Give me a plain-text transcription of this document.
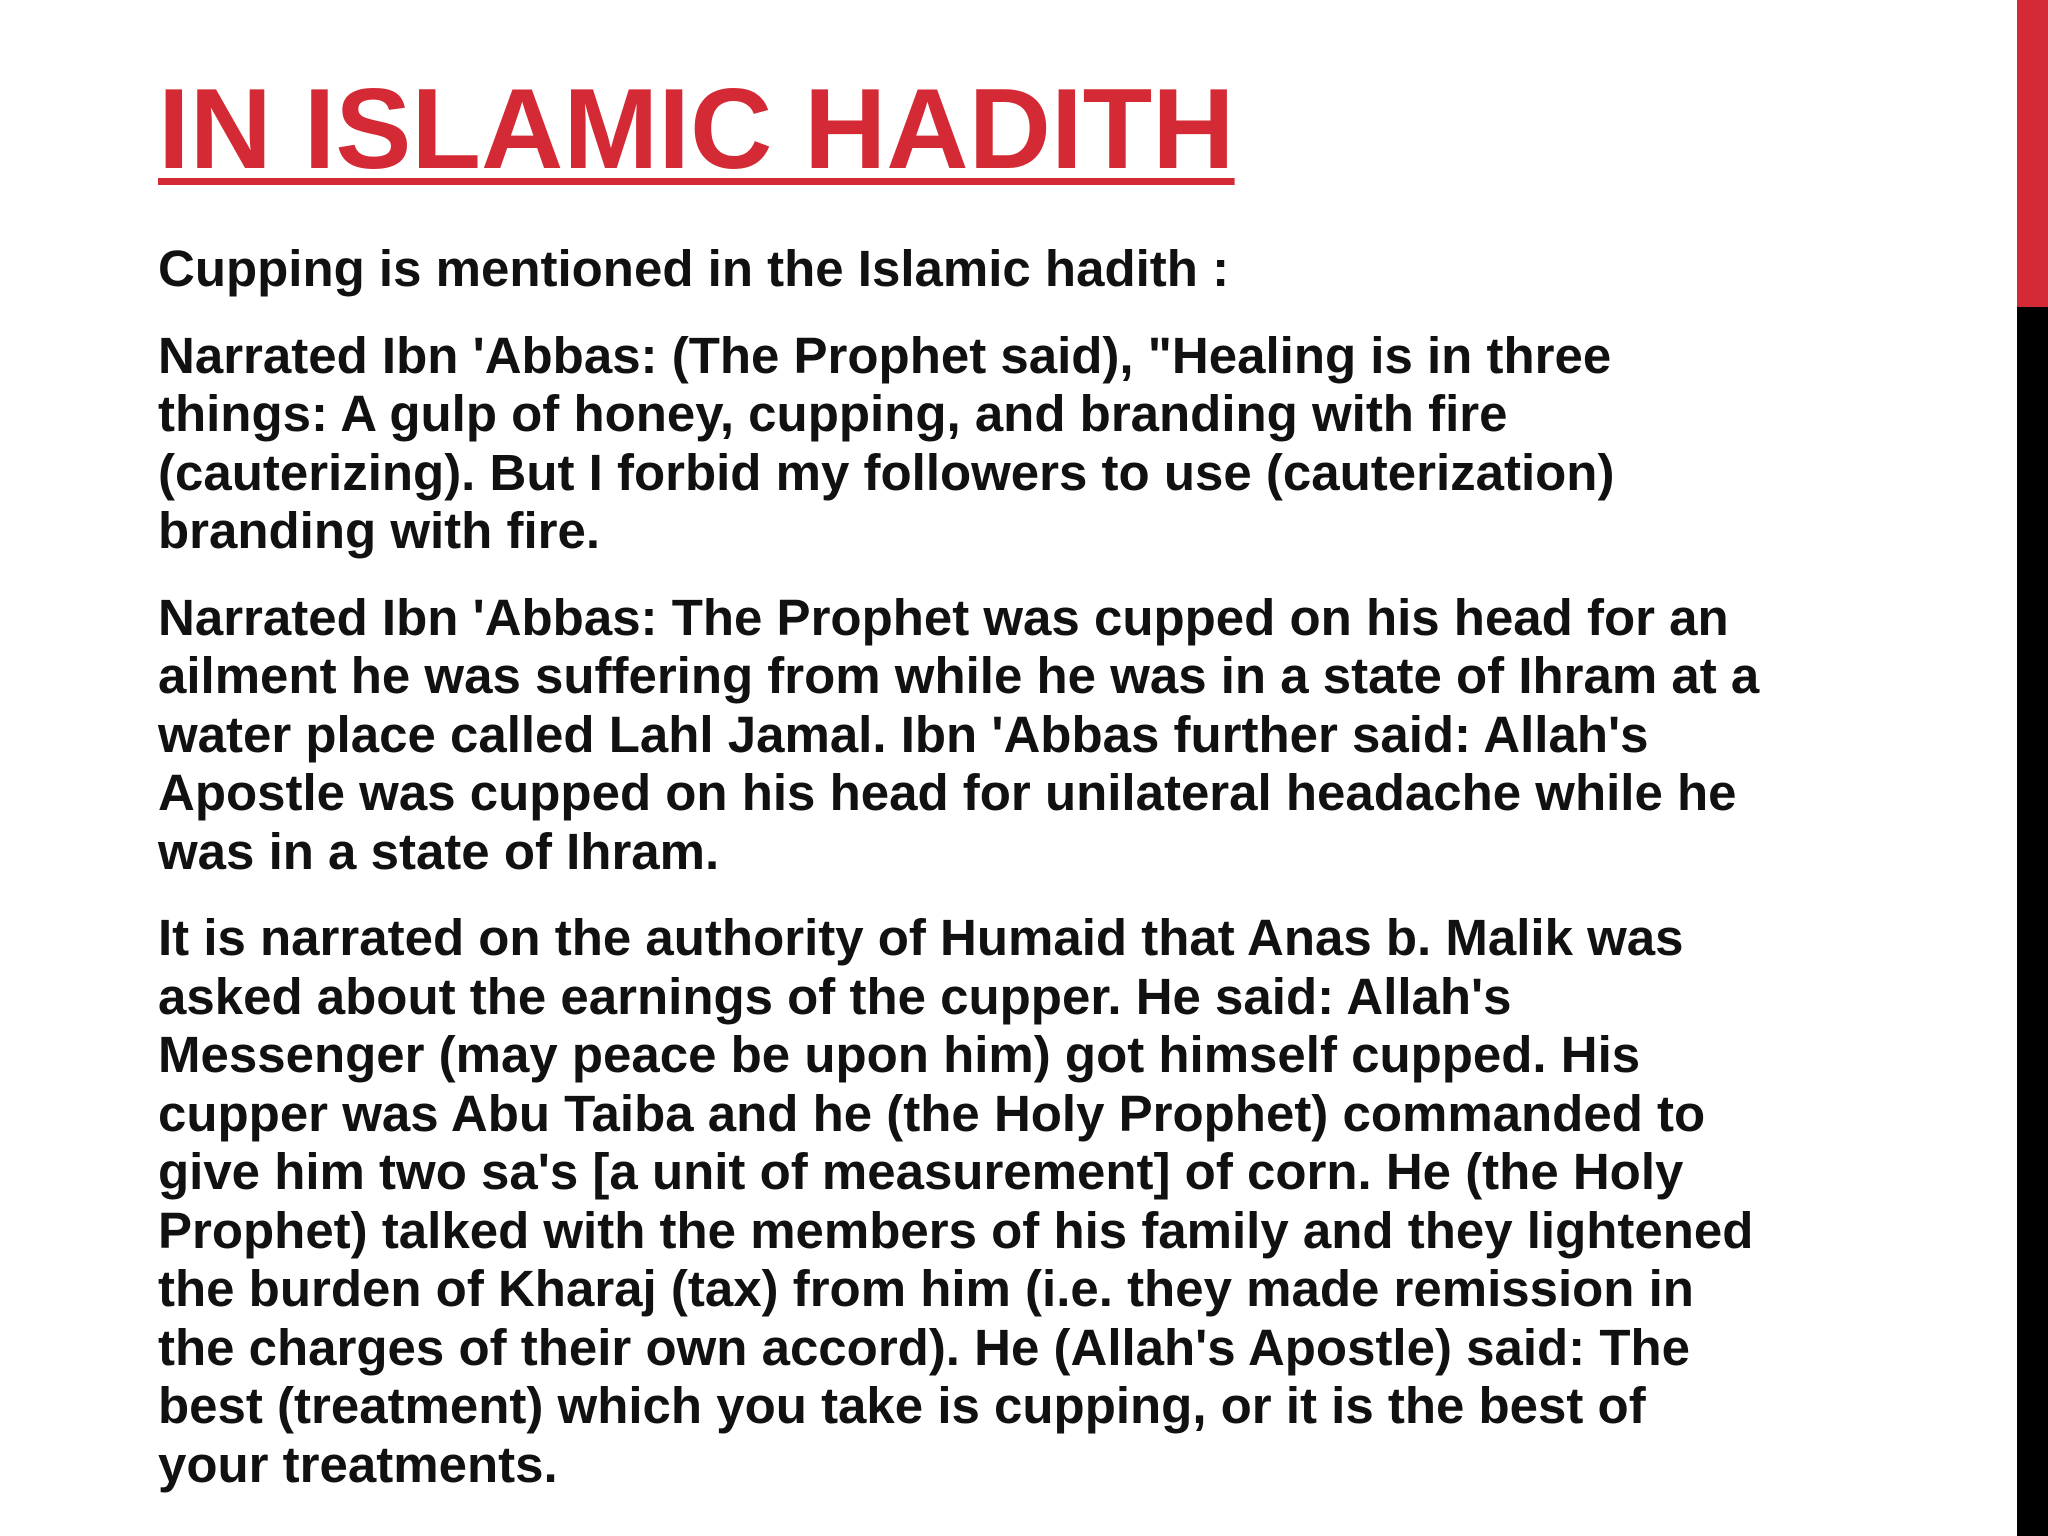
IN ISLAMIC HADITH

Cupping is mentioned in the Islamic hadith :

Narrated Ibn 'Abbas: (The Prophet said), "Healing is in three
things: A gulp of honey, cupping, and branding with fire
(cauterizing). But I forbid my followers to use (cauterization)
branding with fire.

Narrated Ibn 'Abbas: The Prophet was cupped on his head for an
ailment he was suffering from while he was in a state of Ihram at a
water place called Lahl Jamal. Ibn 'Abbas further said: Allah's
Apostle was cupped on his head for unilateral headache while he
was in a state of Ihram.

It is narrated on the authority of Humaid that Anas b. Malik was
asked about the earnings of the cupper. He said: Allah's
Messenger (may peace be upon him) got himself cupped. His
cupper was Abu Taiba and he (the Holy Prophet) commanded to
give him two sa's [a unit of measurement] of corn. He (the Holy
Prophet) talked with the members of his family and they lightened
the burden of Kharaj (tax) from him (i.e. they made remission in
the charges of their own accord). He (Allah's Apostle) said: The
best (treatment) which you take is cupping, or it is the best of
your treatments.
